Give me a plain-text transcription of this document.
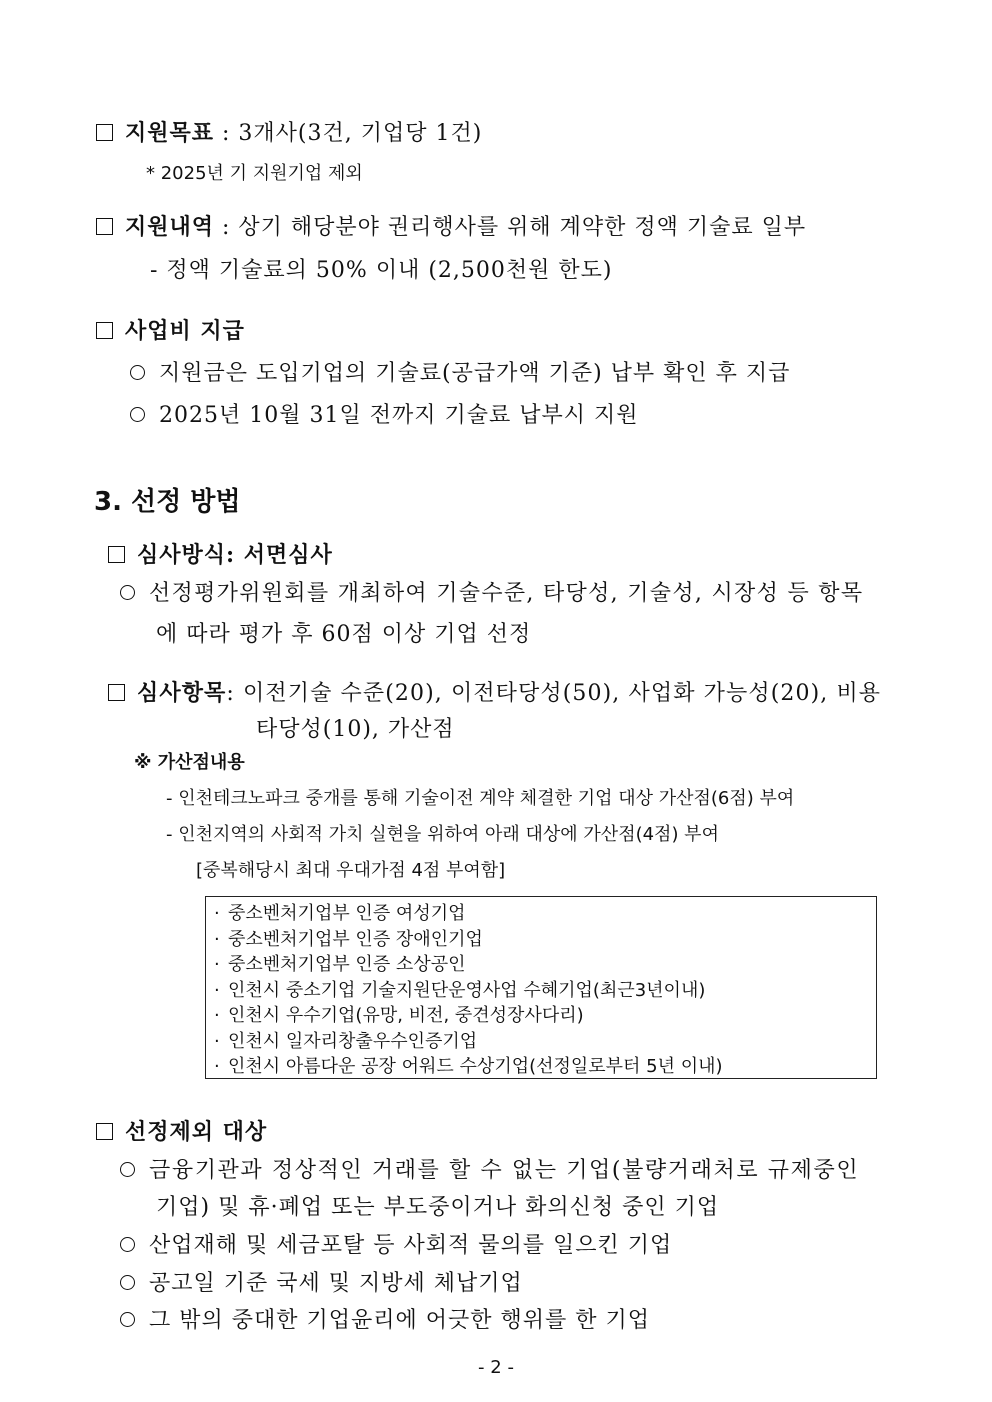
지원목표 : 3개사(3건, 기업당 1건)
* 2025년 기 지원기업 제외
지원내역 : 상기 해당분야 권리행사를 위해 계약한 정액 기술료 일부
- 정액 기술료의 50% 이내 (2,500천원 한도)
사업비 지급
지원금은 도입기업의 기술료(공급가액 기준) 납부 확인 후 지급
2025년 10월 31일 전까지 기술료 납부시 지원
3. 선정 방법
심사방식: 서면심사
선정평가위원회를 개최하여 기술수준, 타당성, 기술성, 시장성 등 항목
에 따라 평가 후 60점 이상 기업 선정
심사항목: 이전기술 수준(20), 이전타당성(50), 사업화 가능성(20), 비용
타당성(10), 가산점
※ 가산점내용
- 인천테크노파크 중개를 통해 기술이전 계약 체결한 기업 대상 가산점(6점) 부여
- 인천지역의 사회적 가치 실현을 위하여 아래 대상에 가산점(4점) 부여
[중복해당시 최대 우대가점 4점 부여함]
· 중소벤처기업부 인증 여성기업
· 중소벤처기업부 인증 장애인기업
· 중소벤처기업부 인증 소상공인
· 인천시 중소기업 기술지원단운영사업 수혜기업(최근3년이내)
· 인천시 우수기업(유망, 비전, 중견성장사다리)
· 인천시 일자리창출우수인증기업
· 인천시 아름다운 공장 어워드 수상기업(선정일로부터 5년 이내)
선정제외 대상
금융기관과 정상적인 거래를 할 수 없는 기업(불량거래처로 규제중인
기업) 및 휴·폐업 또는 부도중이거나 화의신청 중인 기업
산업재해 및 세금포탈 등 사회적 물의를 일으킨 기업
공고일 기준 국세 및 지방세 체납기업
그 밖의 중대한 기업윤리에 어긋한 행위를 한 기업
- 2 -
